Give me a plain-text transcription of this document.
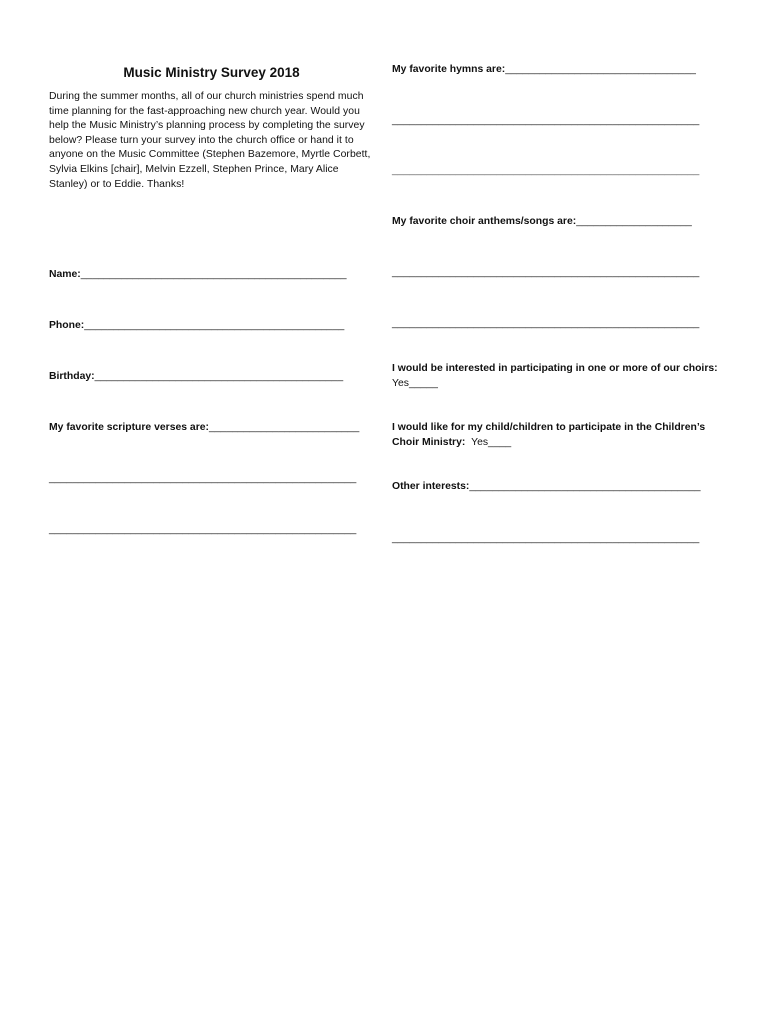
Music Ministry Survey 2018

During the summer months, all of our church ministries spend much time planning for the fast-approaching new church year. Would you help the Music Ministry’s planning process by completing the survey below? Please turn your survey into the church office or hand it to anyone on the Music Committee (Stephen Bazemore, Myrtle Corbett, Sylvia Elkins [chair], Melvin Ezzell, Stephen Prince, Mary Alice Stanley) or to Eddie. Thanks!

Name:______________________________________________

Phone:_____________________________________________

Birthday:___________________________________________

My favorite scripture verses are:__________________________

_____________________________________________________

_____________________________________________________

My favorite hymns are:_________________________________

_____________________________________________________

_____________________________________________________

My favorite choir anthems/songs are:____________________

_____________________________________________________

_____________________________________________________

I would be interested in participating in one or more of our choirs:  Yes_____

I would like for my child/children to participate in the Children’s Choir Ministry: Yes____

Other interests:________________________________________

_____________________________________________________
